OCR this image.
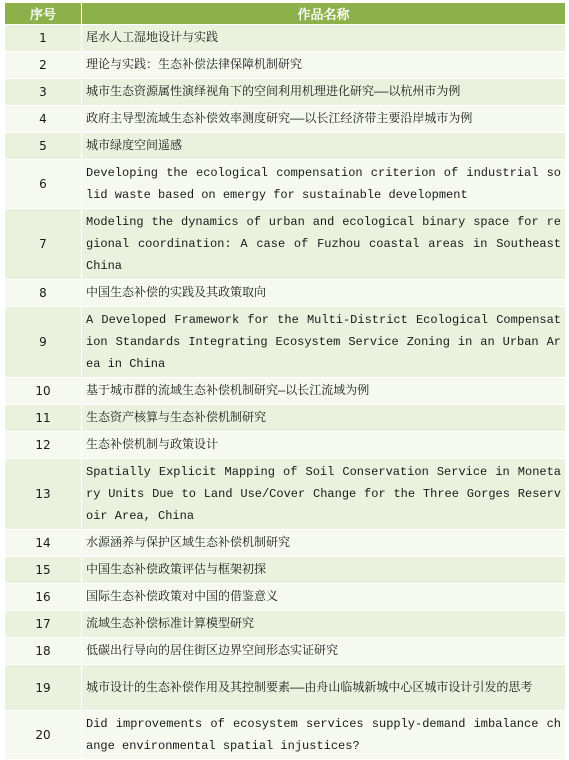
序号	作品名称
1	尾水人工湿地设计与实践
2	理论与实践：生态补偿法律保障机制研究
3	城市生态资源属性演绎视角下的空间利用机理进化研究——以杭州市为例
4	政府主导型流域生态补偿效率测度研究——以长江经济带主要沿岸城市为例
5	城市绿度空间遥感
6	Developing the ecological compensation criterion of industrial solid waste based on emergy for sustainable development
7	Modeling the dynamics of urban and ecological binary space for regional coordination: A case of Fuzhou coastal areas in Southeast China
8	中国生态补偿的实践及其政策取向
9	A Developed Framework for the Multi-District Ecological Compensation Standards Integrating Ecosystem Service Zoning in an Urban Area in China
10	基于城市群的流域生态补偿机制研究—以长江流域为例
11	生态资产核算与生态补偿机制研究
12	生态补偿机制与政策设计
13	Spatially Explicit Mapping of Soil Conservation Service in Monetary Units Due to Land Use/Cover Change for the Three Gorges Reservoir Area, China
14	水源涵养与保护区域生态补偿机制研究
15	中国生态补偿政策评估与框架初探
16	国际生态补偿政策对中国的借鉴意义
17	流域生态补偿标准计算模型研究
18	低碳出行导向的居住街区边界空间形态实证研究
19	城市设计的生态补偿作用及其控制要素——由舟山临城新城中心区城市设计引发的思考
20	Did improvements of ecosystem services supply-demand imbalance change environmental spatial injustices?
